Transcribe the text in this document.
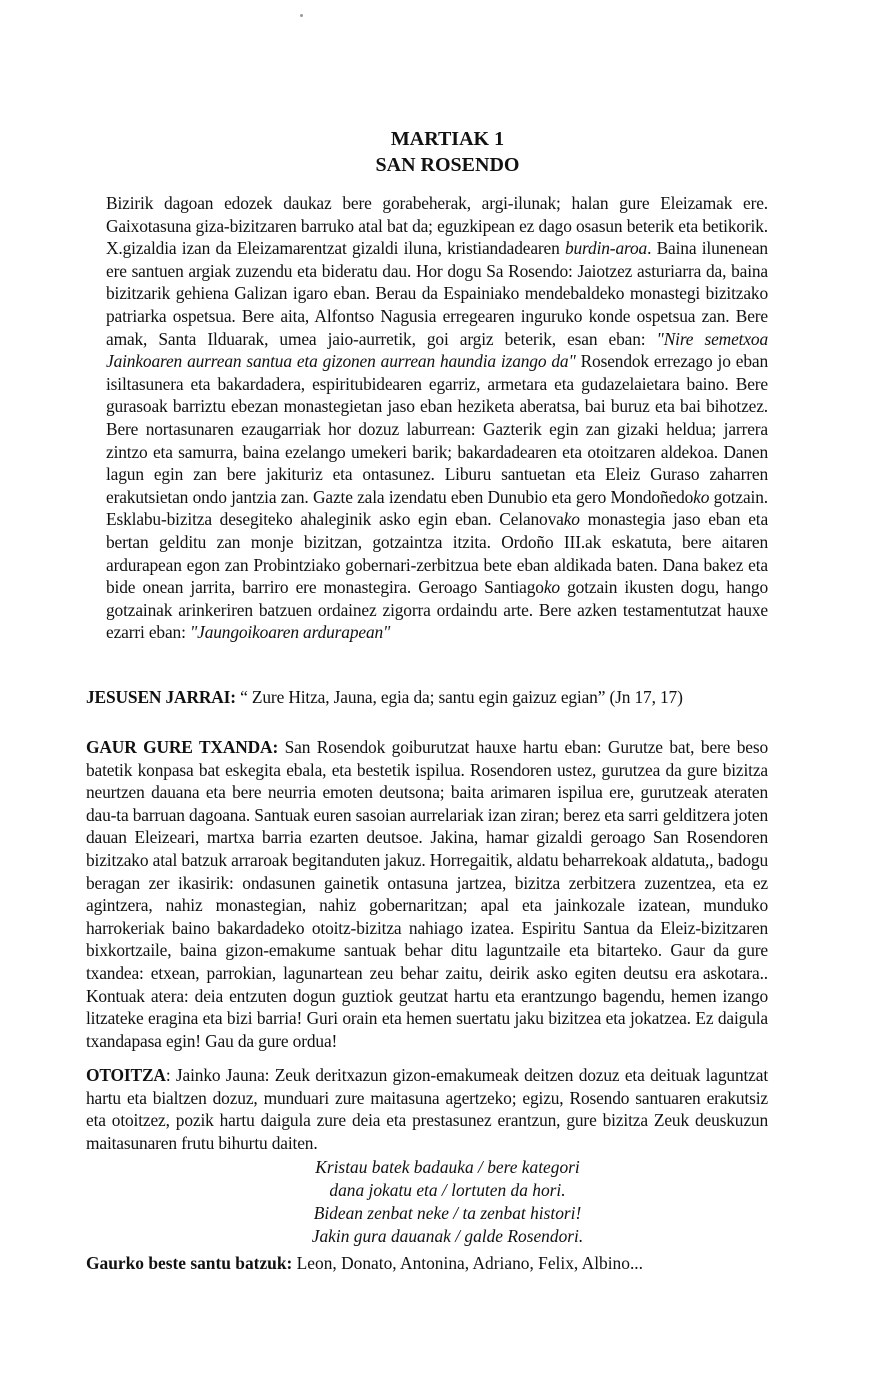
MARTIAK 1
SAN ROSENDO
Bizirik dagoan edozek daukaz bere gorabeherak, argi-ilunak; halan gure Eleizamak ere. Gaixotasuna giza-bizitzaren barruko atal bat da; eguzkipean ez dago osasun beterik eta betikorik. X.gizaldia izan da Eleizamarentzat gizaldi iluna, kristiandadearen burdin-aroa. Baina ilunenean ere santuen argiak zuzendu eta bideratu dau. Hor dogu Sa Rosendo: Jaiotzez asturiarra da, baina bizitzarik gehiena Galizan igaro eban. Berau da Espainiako mendebaldeko monastegi bizitzako patriarka ospetsua. Bere aita, Alfontso Nagusia erregearen inguruko konde ospetsua zan. Bere amak, Santa Ilduarak, umea jaio-aurretik, goi argiz beterik, esan eban: "Nire semetxoa Jainkoaren aurrean santua eta gizonen aurrean haundia izango da" Rosendok errezago jo eban isiltasunera eta bakardadera, espiritubidearen egarriz, armetara eta gudazelaietara baino. Bere gurasoak barriztu ebezan monastegietan jaso eban heziketa aberatsa, bai buruz eta bai bihotzez. Bere nortasunaren ezaugarriak hor dozuz laburrean: Gazterik egin zan gizaki heldua; jarrera zintzo eta samurra, baina ezelango umekeri barik; bakardadearen eta otoitzaren aldekoa. Danen lagun egin zan bere jakituriz eta ontasunez. Liburu santuetan eta Eleiz Guraso zaharren erakutsietan ondo jantzia zan. Gazte zala izendatu eben Dunubio eta gero Mondoñedoko gotzain. Esklabu-bizitza desegiteko ahaleginik asko egin eban. Celanovako monastegia jaso eban eta bertan gelditu zan monje bizitzan, gotzaintza itzita. Ordoño III.ak eskatuta, bere aitaren ardurapean egon zan Probintziako gobernari-zerbitzua bete eban aldikada baten. Dana bakez eta bide onean jarrita, barriro ere monastegira. Geroago Santiagoko gotzain ikusten dogu, hango gotzainak arinkeriren batzuen ordainez zigorra ordaindu arte. Bere azken testamentutzat hauxe ezarri eban: "Jaungoikoaren ardurapean"
JESUSEN JARRAI: “ Zure Hitza, Jauna, egia da; santu egin gaizuz egian” (Jn 17, 17)
GAUR GURE TXANDA: San Rosendok goiburutzat hauxe hartu eban: Gurutze bat, bere beso batetik konpasa bat eskegita ebala, eta bestetik ispilua. Rosendoren ustez, gurutzea da gure bizitza neurtzen dauana eta bere neurria emoten deutsona; baita arimaren ispilua ere, gurutzeak ateraten dau-ta barruan dagoana. Santuak euren sasoian aurrelariak izan ziran; berez eta sarri gelditzera joten dauan Eleizeari, martxa barria ezarten deutsoe. Jakina, hamar gizaldi geroago San Rosendoren bizitzako atal batzuk arraroak begitanduten jakuz. Horregaitik, aldatu beharrekoak aldatuta,, badogu beragan zer ikasirik: ondasunen gainetik ontasuna jartzea, bizitza zerbitzera zuzentzea, eta ez agintzera, nahiz monastegian, nahiz gobernaritzan; apal eta jainkozale izatean, munduko harrokeriak baino bakardadeko otoitz-bizitza nahiago izatea. Espiritu Santua da Eleiz-bizitzaren bixkortzaile, baina gizon-emakume santuak behar ditu laguntzaile eta bitarteko. Gaur da gure txandea: etxean, parrokian, lagunartean zeu behar zaitu, deirik asko egiten deutsu era askotara.. Kontuak atera: deia entzuten dogun guztiok geutzat hartu eta erantzungo bagendu, hemen izango litzateke eragina eta bizi barria! Guri orain eta hemen suertatu jaku bizitzea eta jokatzea. Ez daigula txandapasa egin! Gau da gure ordua!
OTOITZA: Jainko Jauna: Zeuk deritxazun gizon-emakumeak deitzen dozuz eta deituak laguntzat hartu eta bialtzen dozuz, munduari zure maitasuna agertzeko; egizu, Rosendo santuaren erakutsiz eta otoitzez, pozik hartu daigula zure deia eta prestasunez erantzun, gure bizitza Zeuk deuskuzun maitasunaren frutu bihurtu daiten.
Kristau batek badauka / bere kategori
dana jokatu eta / lortuten da hori.
Bidean zenbat neke / ta zenbat histori!
Jakin gura dauanak / galde Rosendori.
Gaurko beste santu batzuk: Leon, Donato, Antonina, Adriano, Felix, Albino...
